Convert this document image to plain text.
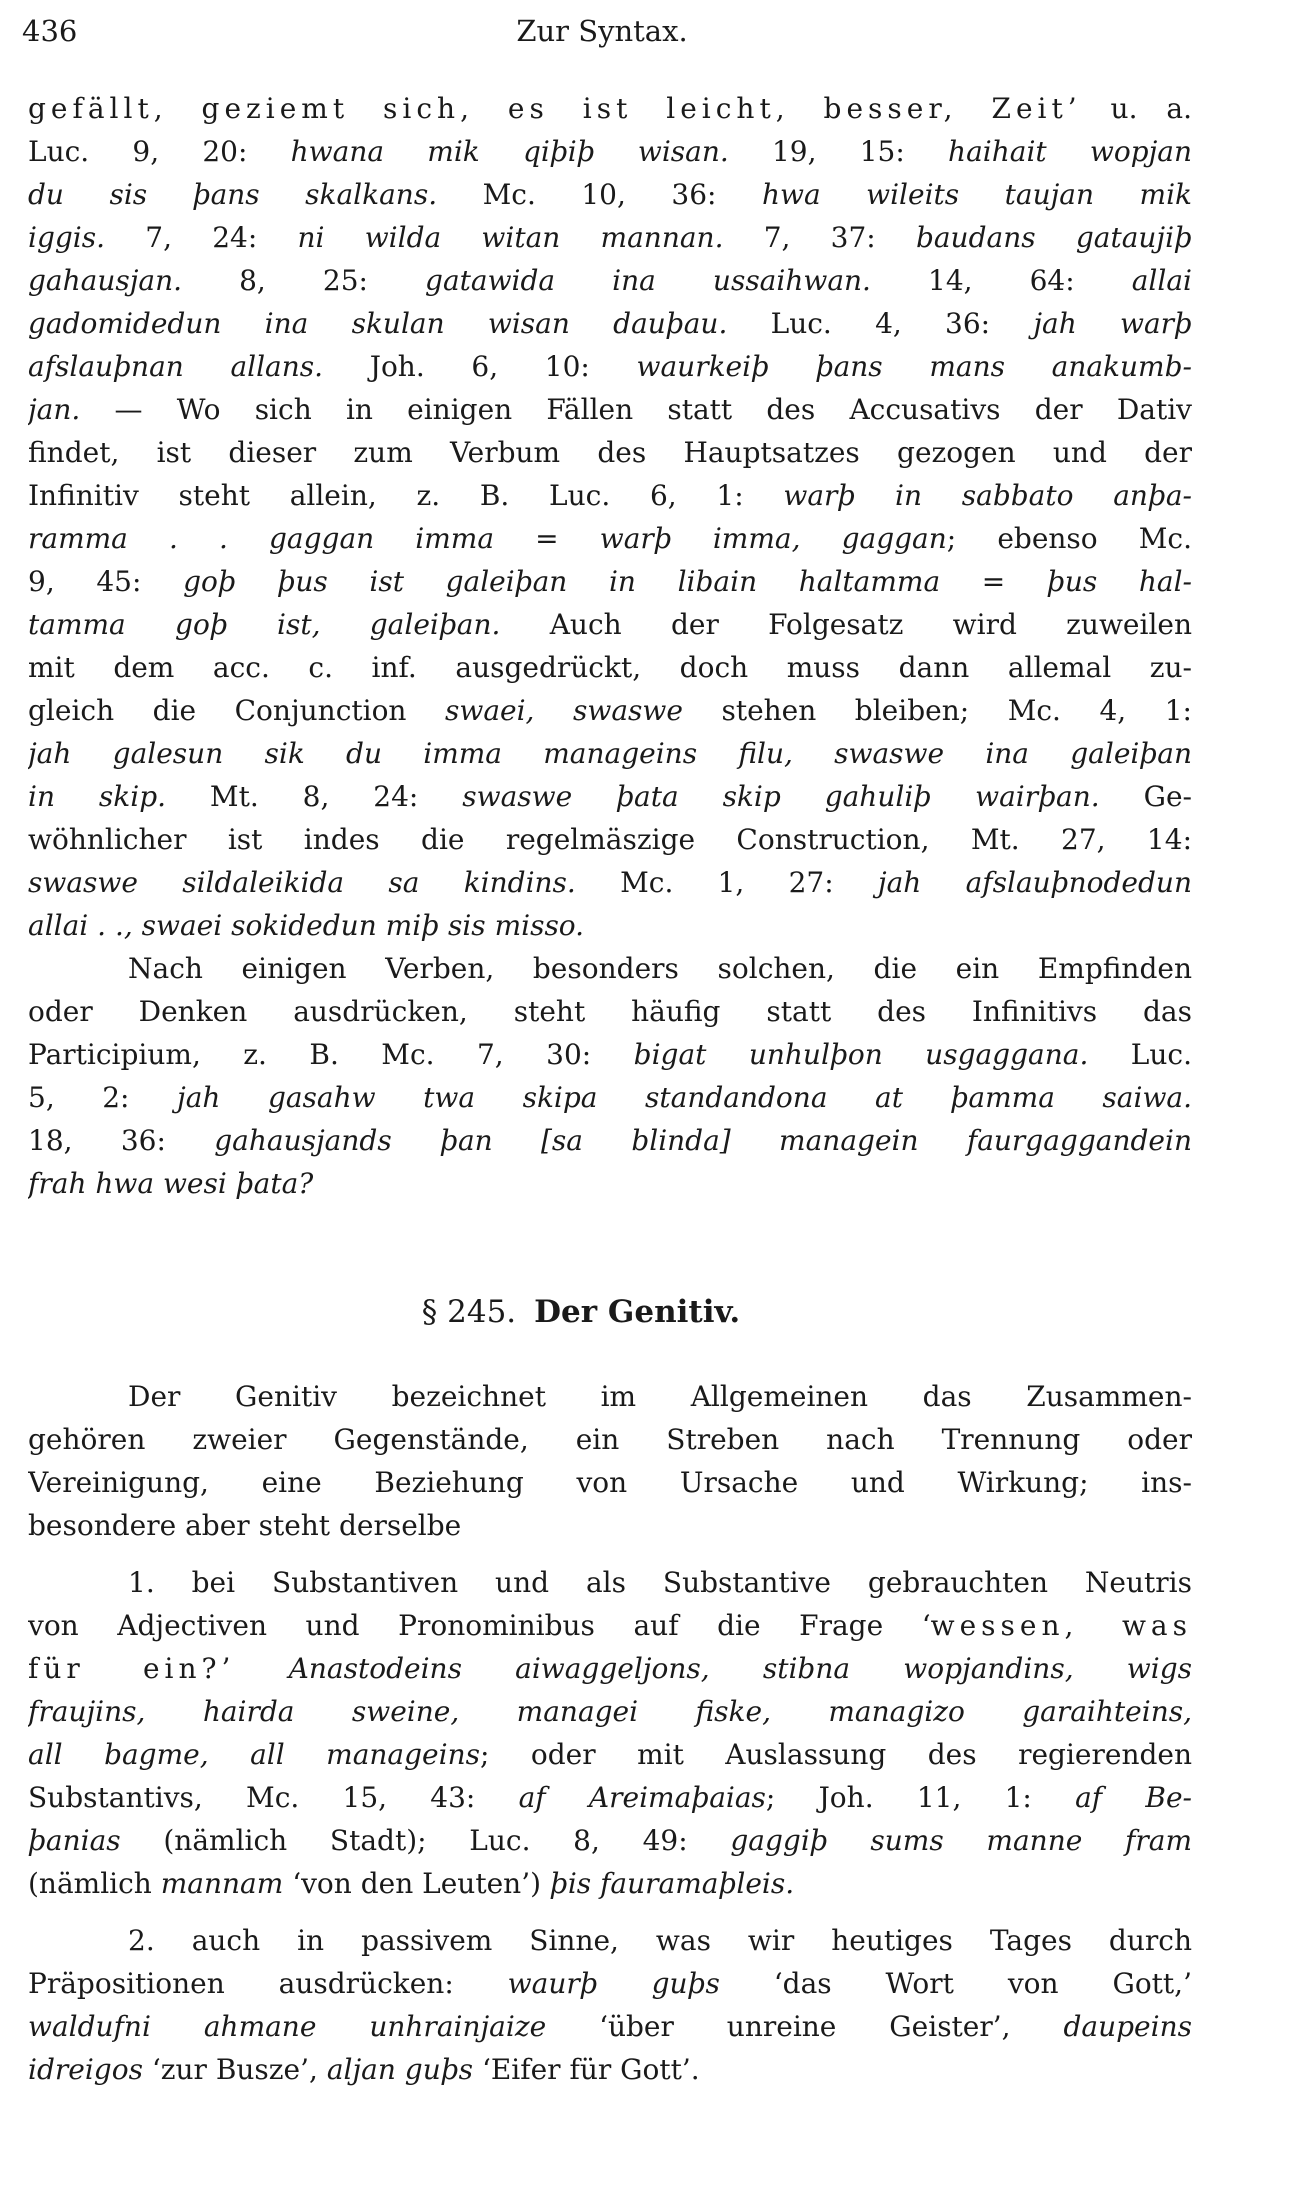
436	Zur Syntax.
gefällt, geziemt sich, es ist leicht, besser, Zeit’ u. a.
Luc. 9, 20: hwana mik qiþiþ wisan. 19, 15: haihait wopjan
du sis þans skalkans. Mc. 10, 36: hwa wileits taujan mik
iggis. 7, 24: ni wilda witan mannan. 7, 37: baudans gataujiþ
gahausjan. 8, 25: gatawida ina ussaihwan. 14, 64: allai
gadomidedun ina skulan wisan dauþau. Luc. 4, 36: jah warþ
afslauþnan allans. Joh. 6, 10: waurkeiþ þans mans anakumb-
jan. — Wo sich in einigen Fällen statt des Accusativs der Dativ
findet, ist dieser zum Verbum des Hauptsatzes gezogen und der
Infinitiv steht allein, z. B. Luc. 6, 1: warþ in sabbato anþa-
ramma . . gaggan imma = warþ imma, gaggan; ebenso Mc.
9, 45: goþ þus ist galeiþan in libain haltamma = þus hal-
tamma goþ ist, galeiþan. Auch der Folgesatz wird zuweilen
mit dem acc. c. inf. ausgedrückt, doch muss dann allemal zu-
gleich die Conjunction swaei, swaswe stehen bleiben; Mc. 4, 1:
jah galesun sik du imma manageins filu, swaswe ina galeiþan
in skip. Mt. 8, 24: swaswe þata skip gahuliþ wairþan. Ge-
wöhnlicher ist indes die regelmäszige Construction, Mt. 27, 14:
swaswe sildaleikida sa kindins. Mc. 1, 27: jah afslauþnodedun
allai . ., swaei sokidedun miþ sis misso.
Nach einigen Verben, besonders solchen, die ein Empfinden
oder Denken ausdrücken, steht häufig statt des Infinitivs das
Participium, z. B. Mc. 7, 30: bigat unhulþon usgaggana. Luc.
5, 2: jah gasahw twa skipa standandona at þamma saiwa.
18, 36: gahausjands þan [sa blinda] managein faurgaggandein
frah hwa wesi þata?
§ 245. Der Genitiv.
Der Genitiv bezeichnet im Allgemeinen das Zusammen-
gehören zweier Gegenstände, ein Streben nach Trennung oder
Vereinigung, eine Beziehung von Ursache und Wirkung; ins-
besondere aber steht derselbe
1. bei Substantiven und als Substantive gebrauchten Neutris
von Adjectiven und Pronominibus auf die Frage ‘wessen, was
für ein?’ Anastodeins aiwaggeljons, stibna wopjandins, wigs
fraujins, hairda sweine, managei fiske, managizo garaihteins,
all bagme, all manageins; oder mit Auslassung des regierenden
Substantivs, Mc. 15, 43: af Areimaþaias; Joh. 11, 1: af Be-
þanias (nämlich Stadt); Luc. 8, 49: gaggiþ sums manne fram
(nämlich mannam ‘von den Leuten’) þis fauramaþleis.
2. auch in passivem Sinne, was wir heutiges Tages durch
Präpositionen ausdrücken: waurþ guþs ‘das Wort von Gott,’
waldufni ahmane unhrainjaize ‘über unreine Geister’, daupeins
idreigos ‘zur Busze’, aljan guþs ‘Eifer für Gott’.
